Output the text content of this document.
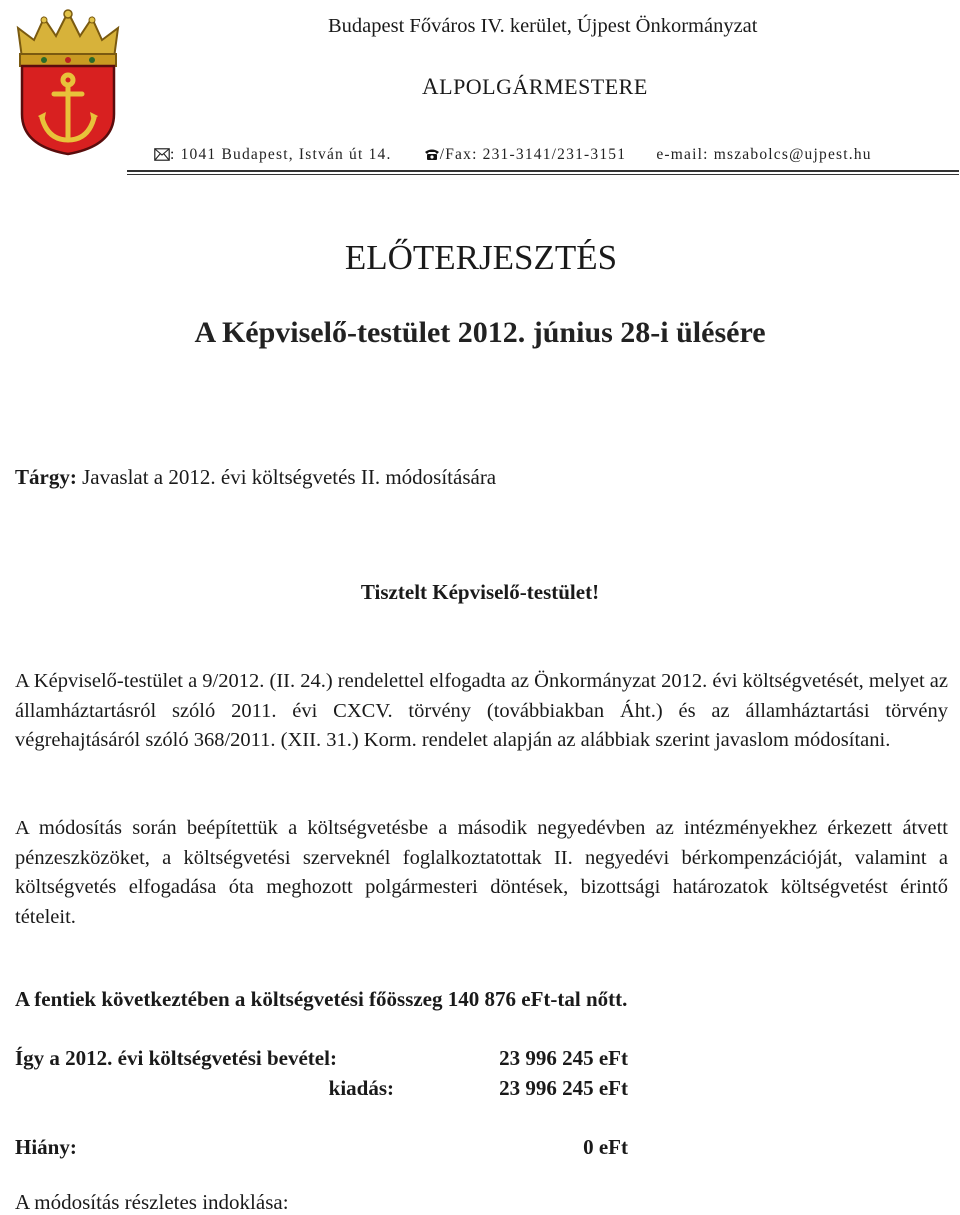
Budapest Főváros IV. kerület, Újpest Önkormányzat
ALPOLGÁRMESTERE
: 1041 Budapest, István út 14.	/Fax: 231-3141/231-3151 e-mail: mszabolcs@ujpest.hu
ELŐTERJESZTÉS
A Képviselő-testület 2012. június 28-i ülésére
Tárgy: Javaslat a 2012. évi költségvetés II. módosítására
Tisztelt Képviselő-testület!
A Képviselő-testület a 9/2012. (II. 24.) rendelettel elfogadta az Önkormányzat 2012. évi költségvetését, melyet az államháztartásról szóló 2011. évi CXCV. törvény (továbbiakban Áht.) és az államháztartási törvény végrehajtásáról szóló 368/2011. (XII. 31.) Korm. rendelet alapján az alábbiak szerint javaslom módosítani.
A módosítás során beépítettük a költségvetésbe a második negyedévben az intézményekhez érkezett átvett pénzeszközöket, a költségvetési szerveknél foglalkoztatottak II. negyedévi bérkompenzációját, valamint a költségvetés elfogadása óta meghozott polgármesteri döntések, bizottsági határozatok költségvetést érintő tételeit.
A fentiek következtében a költségvetési főösszeg 140 876 eFt-tal nőtt.
Így a 2012. évi költségvetési bevétel:	23 996 245 eFt
kiadás:	23 996 245 eFt
Hiány:	0 eFt
A módosítás részletes indoklása:
